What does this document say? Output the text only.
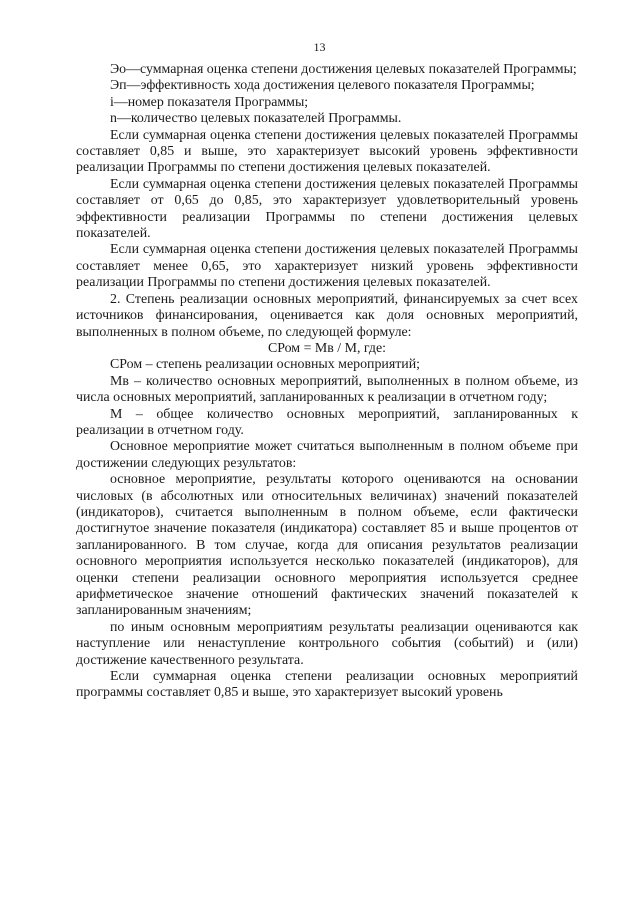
13

Эо—суммарная оценка степени достижения целевых показателей Программы;

Эп—эффективность хода достижения целевого показателя Программы;

i—номер показателя Программы;

n—количество целевых показателей Программы.

Если суммарная оценка степени достижения целевых показателей Программы составляет 0,85 и выше, это характеризует высокий уровень эффективности реализации Программы по степени достижения целевых показателей.

Если суммарная оценка степени достижения целевых показателей Программы составляет от 0,65 до 0,85, это характеризует удовлетворительный уровень эффективности реализации Программы по степени достижения целевых показателей.

Если суммарная оценка степени достижения целевых показателей Программы составляет менее 0,65, это характеризует низкий уровень эффективности реализации Программы по степени достижения целевых показателей.

2. Степень реализации основных мероприятий, финансируемых за счет всех источников финансирования, оценивается как доля основных мероприятий, выполненных в полном объеме, по следующей формуле:

СРом = Мв / М, где:

СРом – степень реализации основных мероприятий;

Мв – количество основных мероприятий, выполненных в полном объеме, из числа основных мероприятий, запланированных к реализации в отчетном году;

М – общее количество основных мероприятий, запланированных к реализации в отчетном году.

Основное мероприятие может считаться выполненным в полном объеме при достижении следующих результатов:

основное мероприятие, результаты которого оцениваются на основании числовых (в абсолютных или относительных величинах) значений показателей (индикаторов), считается выполненным в полном объеме, если фактически достигнутое значение показателя (индикатора) составляет 85 и выше процентов от запланированного. В том случае, когда для описания результатов реализации основного мероприятия используется несколько показателей (индикаторов), для оценки степени реализации основного мероприятия используется среднее арифметическое значение отношений фактических значений показателей к запланированным значениям;

по иным основным мероприятиям результаты реализации оцениваются как наступление или ненаступление контрольного события (событий) и (или) достижение качественного результата.

Если суммарная оценка степени реализации основных мероприятий программы составляет 0,85 и выше, это характеризует высокий уровень
